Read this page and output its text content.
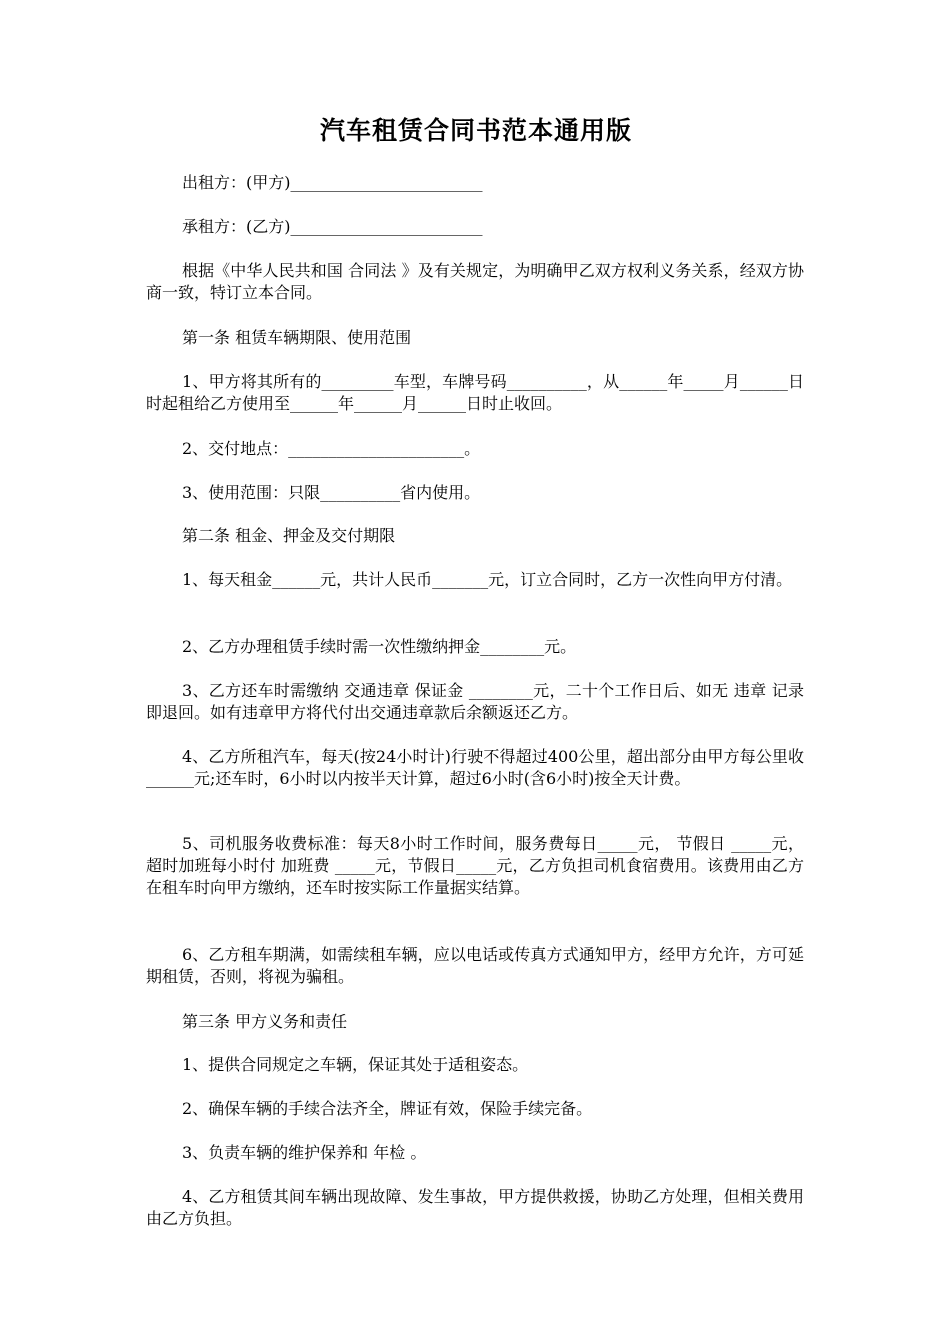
汽车租赁合同书范本通用版

出租方：(甲方)________________________

承租方：(乙方)________________________

根据《中华人民共和国 合同法 》及有关规定，为明确甲乙双方权利义务关系，经双方协商一致，特订立本合同。

第一条 租赁车辆期限、使用范围

1、甲方将其所有的_________车型，车牌号码__________，从______年_____月______日时起租给乙方使用至______年______月______日时止收回。

2、交付地点：______________________。

3、使用范围：只限__________省内使用。

第二条 租金、押金及交付期限

1、每天租金______元，共计人民币_______元，订立合同时，乙方一次性向甲方付清。

2、乙方办理租赁手续时需一次性缴纳押金________元。

3、乙方还车时需缴纳 交通违章 保证金 ________元，二十个工作日后、如无 违章 记录即退回。如有违章甲方将代付出交通违章款后余额返还乙方。

4、乙方所租汽车，每天(按24小时计)行驶不得超过400公里，超出部分由甲方每公里收______元;还车时，6小时以内按半天计算，超过6小时(含6小时)按全天计费。

5、司机服务收费标准：每天8小时工作时间，服务费每日_____元， 节假日 _____元，超时加班每小时付 加班费 _____元，节假日_____元，乙方负担司机食宿费用。该费用由乙方在租车时向甲方缴纳，还车时按实际工作量据实结算。

6、乙方租车期满，如需续租车辆，应以电话或传真方式通知甲方，经甲方允许，方可延期租赁，否则，将视为骗租。

第三条 甲方义务和责任

1、提供合同规定之车辆，保证其处于适租姿态。

2、确保车辆的手续合法齐全，牌证有效，保险手续完备。

3、负责车辆的维护保养和 年检 。

4、乙方租赁其间车辆出现故障、发生事故，甲方提供救援，协助乙方处理，但相关费用由乙方负担。
